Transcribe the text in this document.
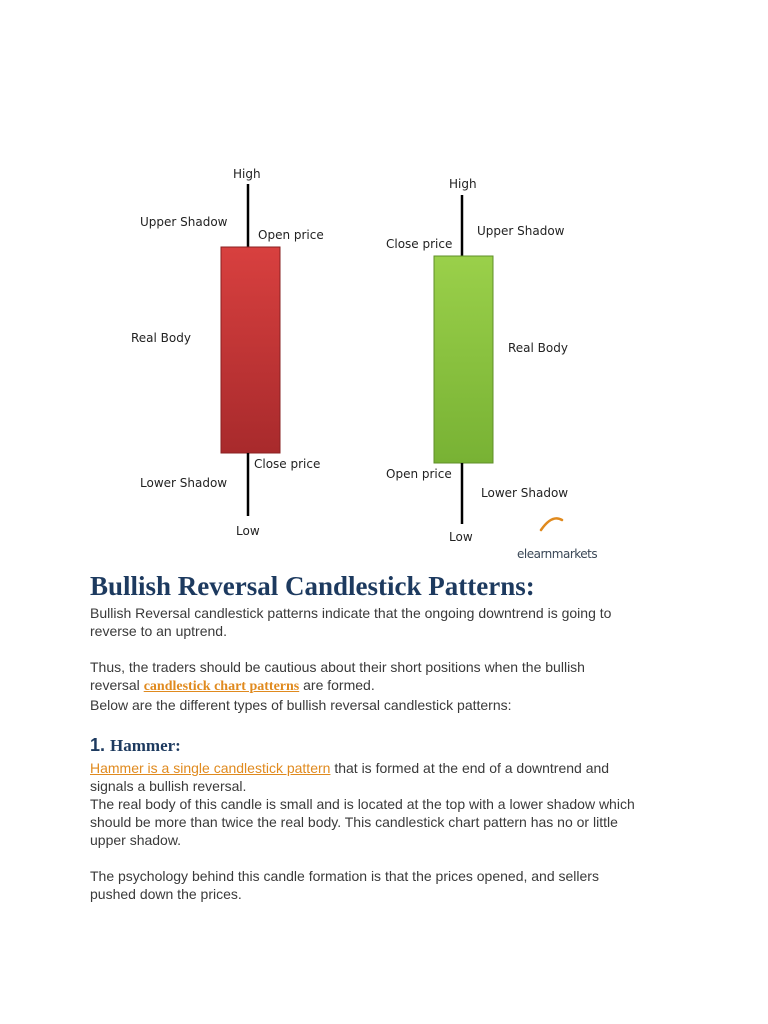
High
Upper Shadow
Open price
Real Body
Close price
Lower Shadow
Low
High
Close price
Upper Shadow
Real Body
Open price
Lower Shadow
Low
elearnmarkets
Bullish Reversal Candlestick Patterns:

Bullish Reversal candlestick patterns indicate that the ongoing downtrend is going to
reverse to an uptrend.

Thus, the traders should be cautious about their short positions when the bullish
reversal candlestick chart patterns are formed.

Below are the different types of bullish reversal candlestick patterns:

1. Hammer:

Hammer is a single candlestick pattern that is formed at the end of a downtrend and
signals a bullish reversal.

The real body of this candle is small and is located at the top with a lower shadow which
should be more than twice the real body. This candlestick chart pattern has no or little
upper shadow.

The psychology behind this candle formation is that the prices opened, and sellers
pushed down the prices.
